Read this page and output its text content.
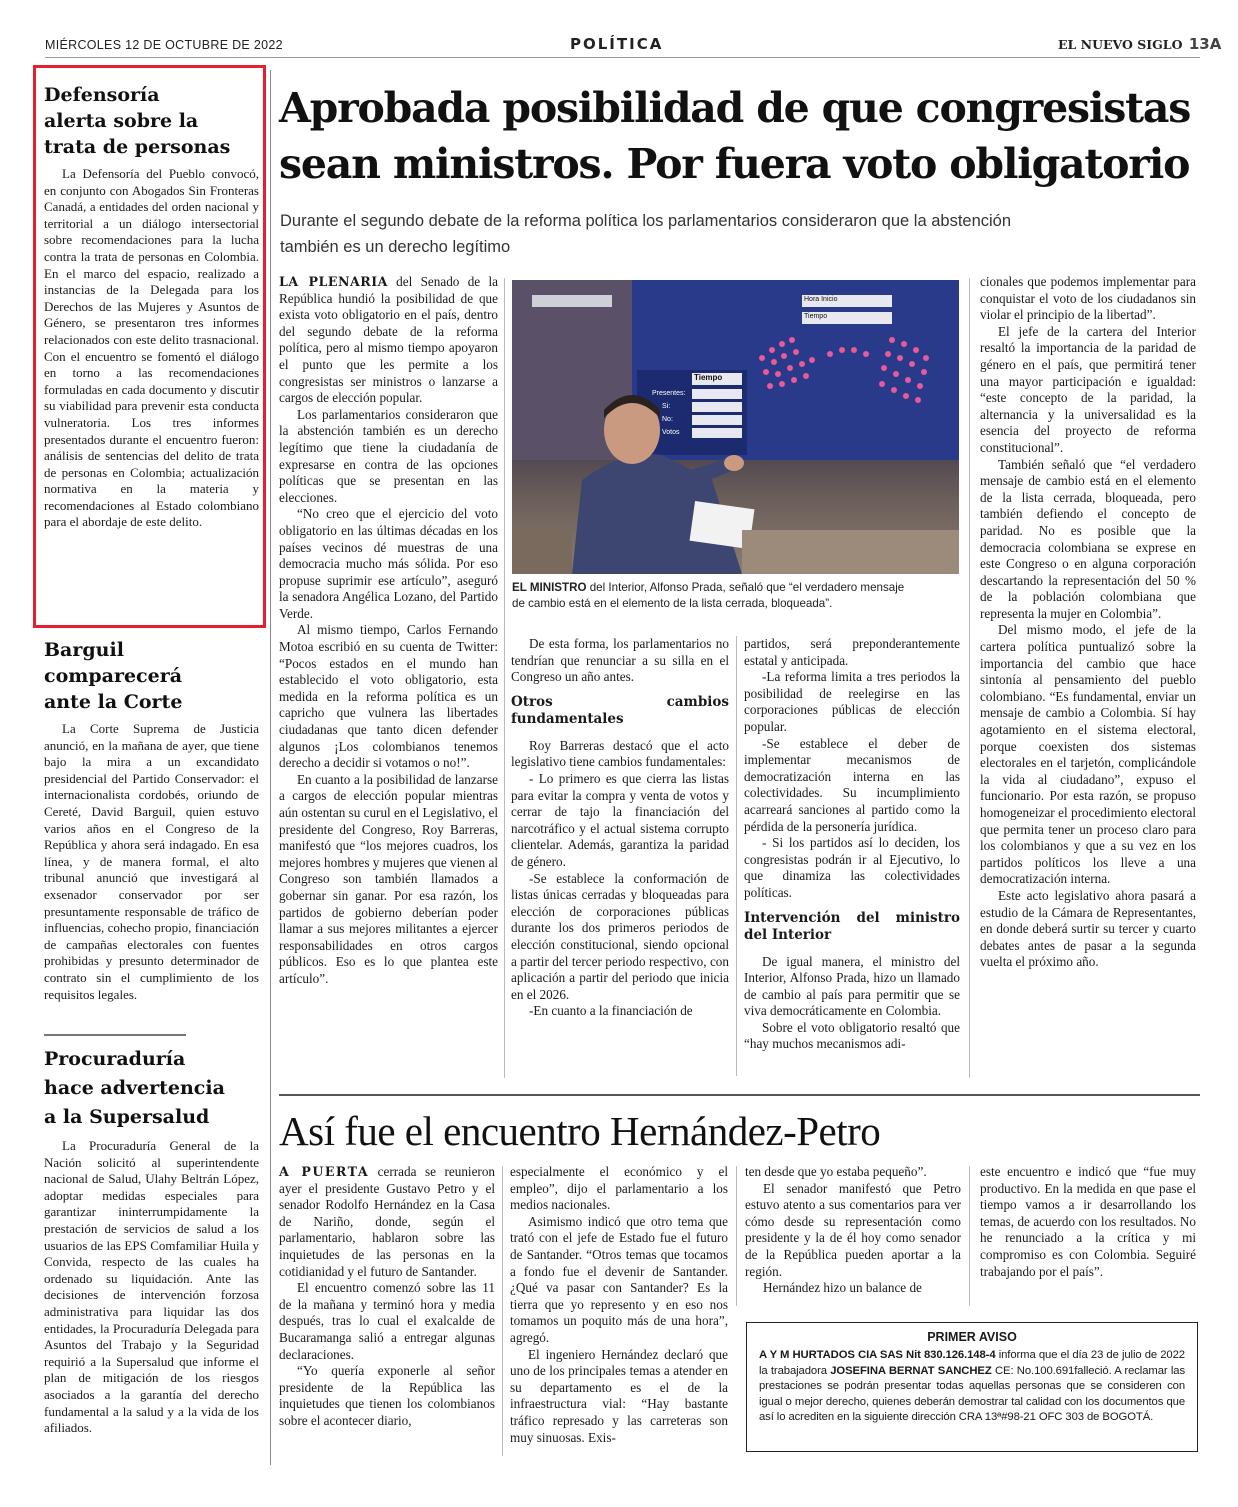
MIÉRCOLES 12 DE OCTUBRE DE 2022	POLÍTICA	EL NUEVO SIGLO 13A
Defensoría
alerta sobre la
trata de personas

La Defensoría del Pueblo convocó, en conjunto con Abogados Sin Fronteras Canadá, a entidades del orden nacional y territorial a un diálogo intersectorial sobre recomendaciones para la lucha contra la trata de personas en Colombia. En el marco del espacio, realizado a instancias de la Delegada para los Derechos de las Mujeres y Asuntos de Género, se presentaron tres informes relacionados con este delito trasnacional. Con el encuentro se fomentó el diálogo en torno a las recomendaciones formuladas en cada documento y discutir su viabilidad para prevenir esta conducta vulneratoria. Los tres informes presentados durante el encuentro fueron: análisis de sentencias del delito de trata de personas en Colombia; actualización normativa en la materia y recomendaciones al Estado colombiano para el abordaje de este delito.

Barguil comparecerá
ante la Corte

La Corte Suprema de Justicia anunció, en la mañana de ayer, que tiene bajo la mira a un excandidato presidencial del Partido Conservador: el internacionalista cordobés, oriundo de Cereté, David Barguil, quien estuvo varios años en el Congreso de la República y ahora será indagado. En esa línea, y de manera formal, el alto tribunal anunció que investigará al exsenador conservador por ser presuntamente responsable de tráfico de influencias, cohecho propio, financiación de campañas electorales con fuentes prohibidas y presunto determinador de contrato sin el cumplimiento de los requisitos legales.

Procuraduría
hace advertencia
a la Supersalud

La Procuraduría General de la Nación solicitó al superintendente nacional de Salud, Ulahy Beltrán López, adoptar medidas especiales para garantizar ininterrumpidamente la prestación de servicios de salud a los usuarios de las EPS Comfamiliar Huila y Convida, respecto de las cuales ha ordenado su liquidación. Ante las decisiones de intervención forzosa administrativa para liquidar las dos entidades, la Procuraduría Delegada para Asuntos del Trabajo y la Seguridad requirió a la Supersalud que informe el plan de mitigación de los riesgos asociados a la garantía del derecho fundamental a la salud y a la vida de los afiliados.

Aprobada posibilidad de que congresistas
sean ministros. Por fuera voto obligatorio
Durante el segundo debate de la reforma política los parlamentarios consideraron que la abstención
también es un derecho legítimo
Tiempo
Presentes:
Si:
No:
Votos
Hora Inicio
Tiempo
EL MINISTRO del Interior, Alfonso Prada, señaló que “el verdadero mensaje
de cambio está en el elemento de la lista cerrada, bloqueada”.

LA PLENARIA del Senado de la República hundió la posibilidad de que exista voto obligatorio en el país, dentro del segundo debate de la reforma política, pero al mismo tiempo apoyaron el punto que les permite a los congresistas ser ministros o lanzarse a cargos de elección popular.

Los parlamentarios consideraron que la abstención también es un derecho legítimo que tiene la ciudadanía de expresarse en contra de las opciones políticas que se presentan en las elecciones.

“No creo que el ejercicio del voto obligatorio en las últimas décadas en los países vecinos dé muestras de una democracia mucho más sólida. Por eso propuse suprimir ese artículo”, aseguró la senadora Angélica Lozano, del Partido Verde.

Al mismo tiempo, Carlos Fernando Motoa escribió en su cuenta de Twitter: “Pocos estados en el mundo han establecido el voto obligatorio, esta medida en la reforma política es un capricho que vulnera las libertades ciudadanas que tanto dicen defender algunos ¡Los colombianos tenemos derecho a decidir si votamos o no!”.

En cuanto a la posibilidad de lanzarse a cargos de elección popular mientras aún ostentan su curul en el Legislativo, el presidente del Congreso, Roy Barreras, manifestó que “los mejores cuadros, los mejores hombres y mujeres que vienen al Congreso son también llamados a gobernar sin ganar. Por esa razón, los partidos de gobierno deberían poder llamar a sus mejores militantes a ejercer responsabilidades en otros cargos públicos. Eso es lo que plantea este artículo”.

De esta forma, los parlamentarios no tendrían que renunciar a su silla en el Congreso un año antes.

Otros cambios fundamentales

Roy Barreras destacó que el acto legislativo tiene cambios fundamentales:

- Lo primero es que cierra las listas para evitar la compra y venta de votos y cerrar de tajo la financiación del narcotráfico y el actual sistema corrupto clientelar. Además, garantiza la paridad de género.

-Se establece la conformación de listas únicas cerradas y bloqueadas para elección de corporaciones públicas durante los dos primeros periodos de elección constitucional, siendo opcional a partir del tercer periodo respectivo, con aplicación a partir del periodo que inicia en el 2026.

-En cuanto a la financiación de

partidos, será preponderantemente estatal y anticipada.

-La reforma limita a tres periodos la posibilidad de reelegirse en las corporaciones públicas de elección popular.

-Se establece el deber de implementar mecanismos de democratización interna en las colectividades. Su incumplimiento acarreará sanciones al partido como la pérdida de la personería jurídica.

- Si los partidos así lo deciden, los congresistas podrán ir al Ejecutivo, lo que dinamiza las colectividades políticas.

Intervención del ministro del Interior

De igual manera, el ministro del Interior, Alfonso Prada, hizo un llamado de cambio al país para permitir que se viva democráticamente en Colombia.

Sobre el voto obligatorio resaltó que “hay muchos mecanismos adi-

cionales que podemos implementar para conquistar el voto de los ciudadanos sin violar el principio de la libertad”.

El jefe de la cartera del Interior resaltó la importancia de la paridad de género en el país, que permitirá tener una mayor participación e igualdad: “este concepto de la paridad, la alternancia y la universalidad es la esencia del proyecto de reforma constitucional”.

También señaló que “el verdadero mensaje de cambio está en el elemento de la lista cerrada, bloqueada, pero también defiendo el concepto de paridad. No es posible que la democracia colombiana se exprese en este Congreso o en alguna corporación descartando la representación del 50 % de la población colombiana que representa la mujer en Colombia”.

Del mismo modo, el jefe de la cartera política puntualizó sobre la importancia del cambio que hace sintonía al pensamiento del pueblo colombiano. “Es fundamental, enviar un mensaje de cambio a Colombia. Sí hay agotamiento en el sistema electoral, porque coexisten dos sistemas electorales en el tarjetón, complicándole la vida al ciudadano”, expuso el funcionario. Por esta razón, se propuso homogeneizar el procedimiento electoral que permita tener un proceso claro para los colombianos y que a su vez en los partidos políticos los lleve a una democratización interna.

Este acto legislativo ahora pasará a estudio de la Cámara de Representantes, en donde deberá surtir su tercer y cuarto debates antes de pasar a la segunda vuelta el próximo año.

Así fue el encuentro Hernández-Petro

A PUERTA cerrada se reunieron ayer el presidente Gustavo Petro y el senador Rodolfo Hernández en la Casa de Nariño, donde, según el parlamentario, hablaron sobre las inquietudes de las personas en la cotidianidad y el futuro de Santander.

El encuentro comenzó sobre las 11 de la mañana y terminó hora y media después, tras lo cual el exalcalde de Bucaramanga salió a entregar algunas declaraciones.

“Yo quería exponerle al señor presidente de la República las inquietudes que tienen los colombianos sobre el acontecer diario,

especialmente el económico y el empleo”, dijo el parlamentario a los medios nacionales.

Asimismo indicó que otro tema que trató con el jefe de Estado fue el futuro de Santander. “Otros temas que tocamos a fondo fue el devenir de Santander. ¿Qué va pasar con Santander? Es la tierra que yo represento y en eso nos tomamos un poquito más de una hora”, agregó.

El ingeniero Hernández declaró que uno de los principales temas a atender en su departamento es el de la infraestructura vial: “Hay bastante tráfico represado y las carreteras son muy sinuosas. Exis-

ten desde que yo estaba pequeño”.

El senador manifestó que Petro estuvo atento a sus comentarios para ver cómo desde su representación como presidente y la de él hoy como senador de la República pueden aportar a la región.

Hernández hizo un balance de

este encuentro e indicó que “fue muy productivo. En la medida en que pase el tiempo vamos a ir desarrollando los temas, de acuerdo con los resultados. No he renunciado a la crítica y mi compromiso es con Colombia. Seguiré trabajando por el país”.

PRIMER AVISO
A Y M HURTADOS CIA SAS Nit 830.126.148-4 informa que el día 23 de julio de 2022 la trabajadora JOSEFINA BERNAT SANCHEZ CE: No.100.691falleció. A reclamar las prestaciones se podrán presentar todas aquellas personas que se consideren con igual o mejor derecho, quienes deberán demostrar tal calidad con los documentos que así lo acrediten en la siguiente dirección CRA 13ª#98-21 OFC 303 de BOGOTÁ.
